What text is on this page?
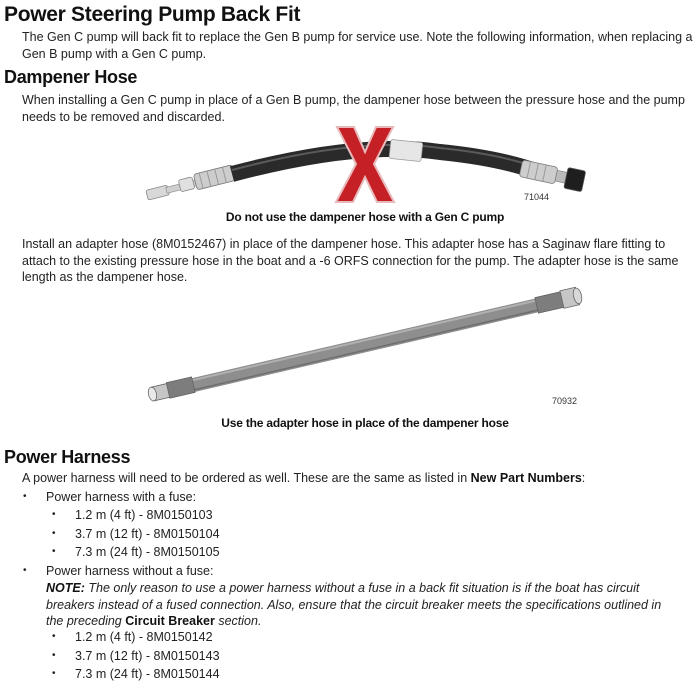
Power Steering Pump Back Fit
The Gen C pump will back fit to replace the Gen B pump for service use. Note the following information, when replacing a Gen B pump with a Gen C pump.
Dampener Hose
When installing a Gen C pump in place of a Gen B pump, the dampener hose between the pressure hose and the pump needs to be removed and discarded.
71044
Do not use the dampener hose with a Gen C pump
Install an adapter hose (8M0152467) in place of the dampener hose. This adapter hose has a Saginaw flare fitting to attach to the existing pressure hose in the boat and a -6 ORFS connection for the pump. The adapter hose is the same length as the dampener hose.
70932
Use the adapter hose in place of the dampener hose
Power Harness
A power harness will need to be ordered as well. These are the same as listed in New Part Numbers:
• Power harness with a fuse:
• 1.2 m (4 ft) - 8M0150103
• 3.7 m (12 ft) - 8M0150104
• 7.3 m (24 ft) - 8M0150105
• Power harness without a fuse:
NOTE: The only reason to use a power harness without a fuse in a back fit situation is if the boat has circuit breakers instead of a fused connection. Also, ensure that the circuit breaker meets the specifications outlined in the preceding Circuit Breaker section.
• 1.2 m (4 ft) - 8M0150142
• 3.7 m (12 ft) - 8M0150143
• 7.3 m (24 ft) - 8M0150144
